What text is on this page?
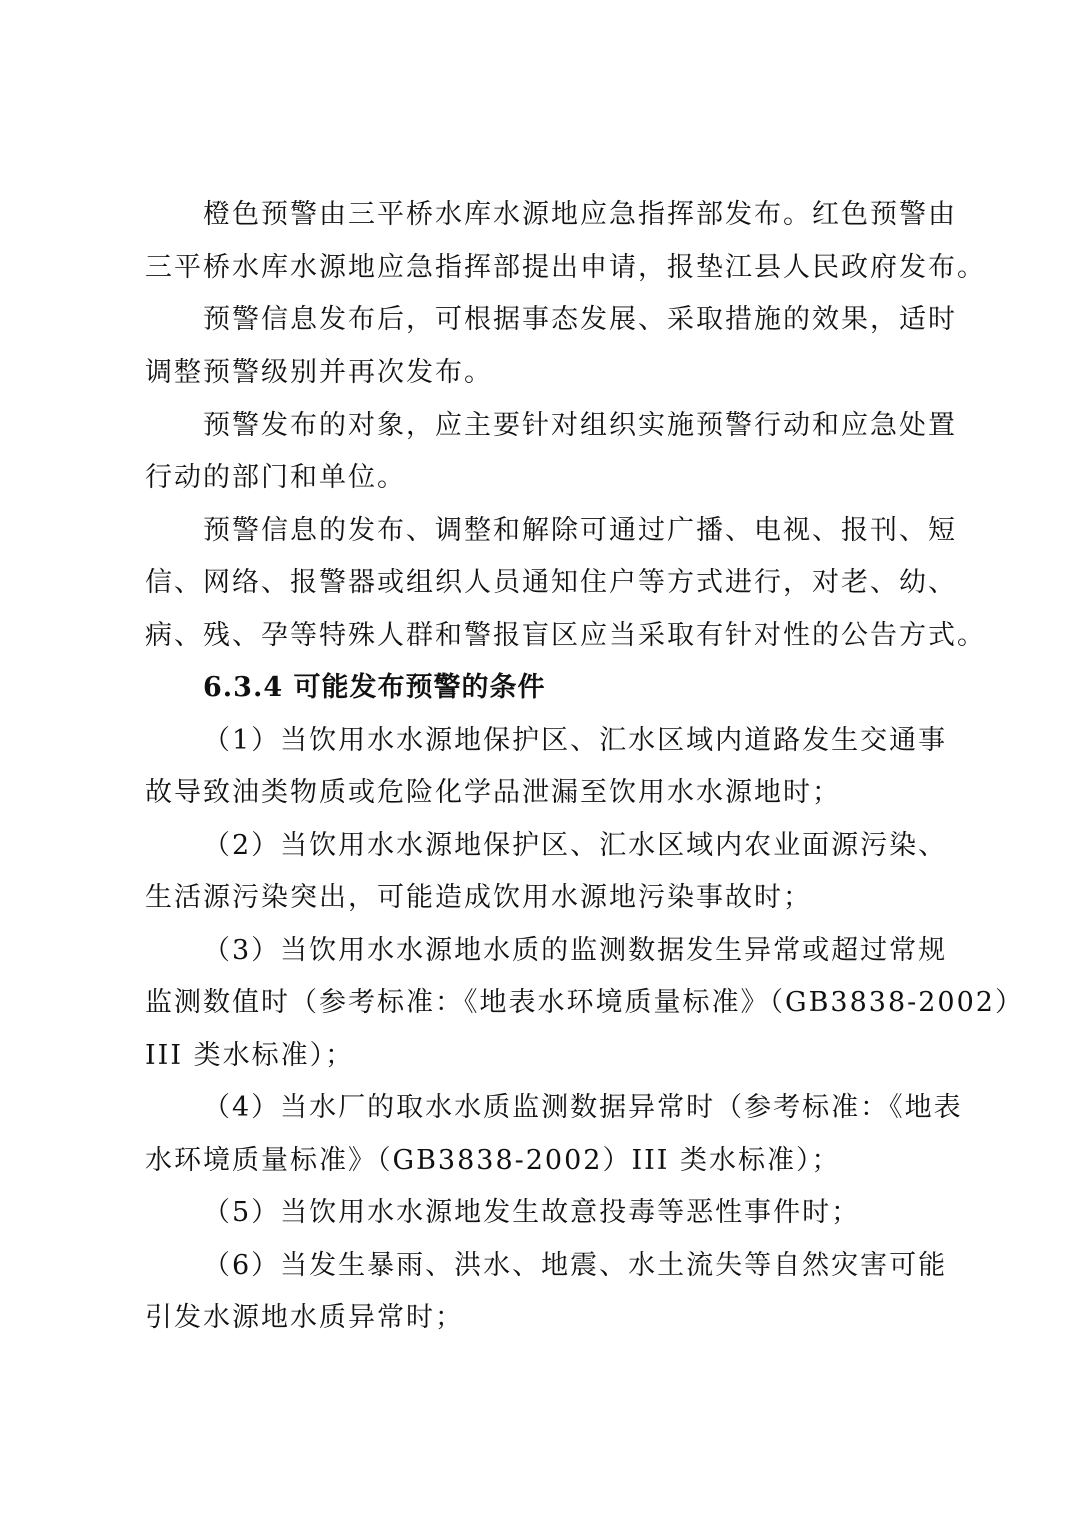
橙色预警由三平桥水库水源地应急指挥部发布。红色预警由
三平桥水库水源地应急指挥部提出申请，报垫江县人民政府发布。
预警信息发布后，可根据事态发展、采取措施的效果，适时
调整预警级别并再次发布。
预警发布的对象，应主要针对组织实施预警行动和应急处置
行动的部门和单位。
预警信息的发布、调整和解除可通过广播、电视、报刊、短
信、网络、报警器或组织人员通知住户等方式进行，对老、幼、
病、残、孕等特殊人群和警报盲区应当采取有针对性的公告方式。
6.3.4 可能发布预警的条件
（1）当饮用水水源地保护区、汇水区域内道路发生交通事
故导致油类物质或危险化学品泄漏至饮用水水源地时；
（2）当饮用水水源地保护区、汇水区域内农业面源污染、
生活源污染突出，可能造成饮用水源地污染事故时；
（3）当饮用水水源地水质的监测数据发生异常或超过常规
监测数值时（参考标准：《地表水环境质量标准》（GB3838-2002）
III 类水标准）；
（4）当水厂的取水水质监测数据异常时（参考标准：《地表
水环境质量标准》（GB3838-2002）III 类水标准）；
（5）当饮用水水源地发生故意投毒等恶性事件时；
（6）当发生暴雨、洪水、地震、水土流失等自然灾害可能
引发水源地水质异常时；
